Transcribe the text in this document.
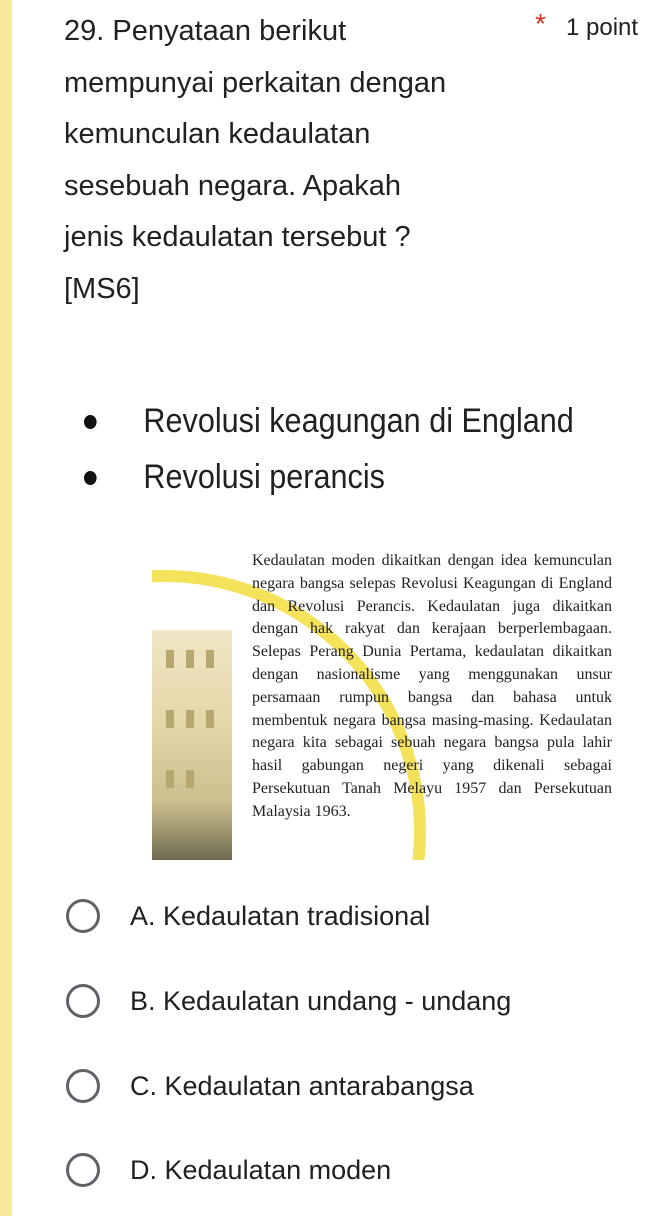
29. Penyataan berikut
mempunyai perkaitan dengan
kemunculan kedaulatan
sesebuah negara. Apakah
jenis kedaulatan tersebut ?
[MS6]
* 1 point
Revolusi keagungan di England
Revolusi perancis

Kedaulatan moden dikaitkan dengan idea kemunculan negara bangsa selepas Revolusi Keagungan di England dan Revolusi Perancis. Kedaulatan juga dikaitkan dengan hak rakyat dan kerajaan berperlembagaan. Selepas Perang Dunia Pertama, kedaulatan dikaitkan dengan nasionalisme yang menggunakan unsur persamaan rumpun bangsa dan bahasa untuk membentuk negara bangsa masing-masing. Kedaulatan negara kita sebagai sebuah negara bangsa pula lahir hasil gabungan negeri yang dikenali sebagai Persekutuan Tanah Melayu 1957 dan Persekutuan Malaysia 1963.

A. Kedaulatan tradisional
B. Kedaulatan undang - undang
C. Kedaulatan antarabangsa
D. Kedaulatan moden
